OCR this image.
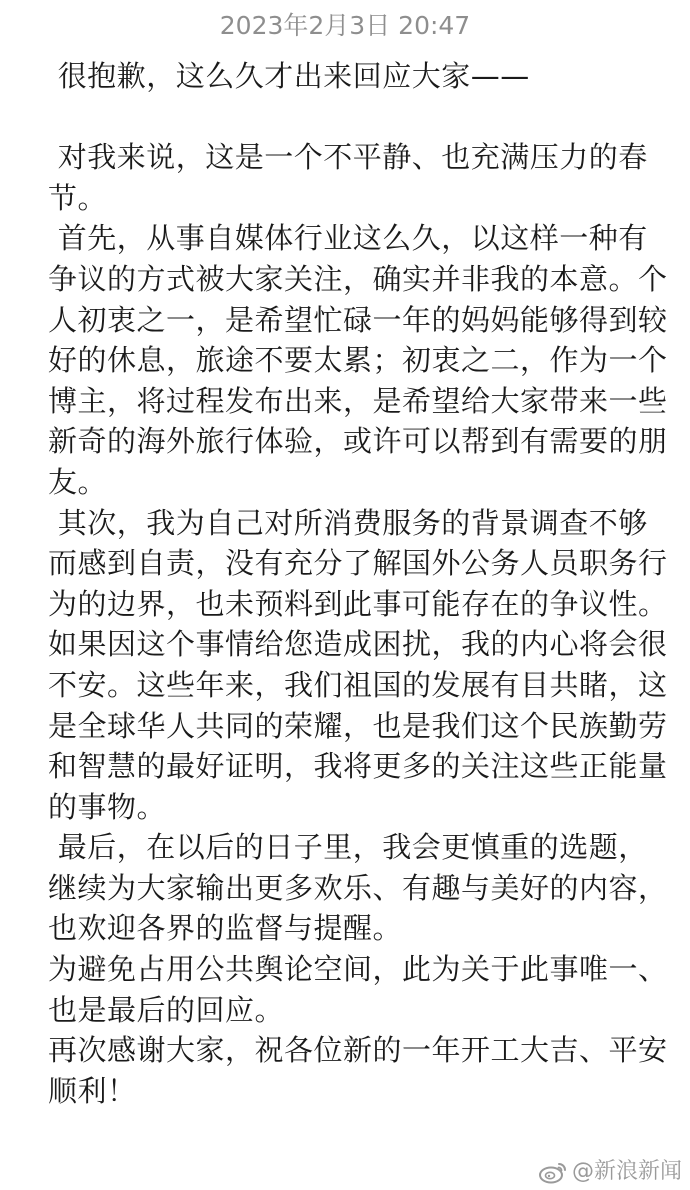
2023年2月3日 20:47

很抱歉，这么久才出来回应大家——

对我来说，这是一个不平静、也充满压力的春节。

首先，从事自媒体行业这么久，以这样一种有争议的方式被大家关注，确实并非我的本意。个人初衷之一，是希望忙碌一年的妈妈能够得到较好的休息，旅途不要太累；初衷之二，作为一个博主，将过程发布出来，是希望给大家带来一些新奇的海外旅行体验，或许可以帮到有需要的朋友。

其次，我为自己对所消费服务的背景调查不够而感到自责，没有充分了解国外公务人员职务行为的边界，也未预料到此事可能存在的争议性。如果因这个事情给您造成困扰，我的内心将会很不安。这些年来，我们祖国的发展有目共睹，这是全球华人共同的荣耀，也是我们这个民族勤劳和智慧的最好证明，我将更多的关注这些正能量的事物。

最后，在以后的日子里，我会更慎重的选题，继续为大家输出更多欢乐、有趣与美好的内容，也欢迎各界的监督与提醒。

为避免占用公共舆论空间，此为关于此事唯一、也是最后的回应。

再次感谢大家，祝各位新的一年开工大吉、平安顺利！

@新浪新闻
